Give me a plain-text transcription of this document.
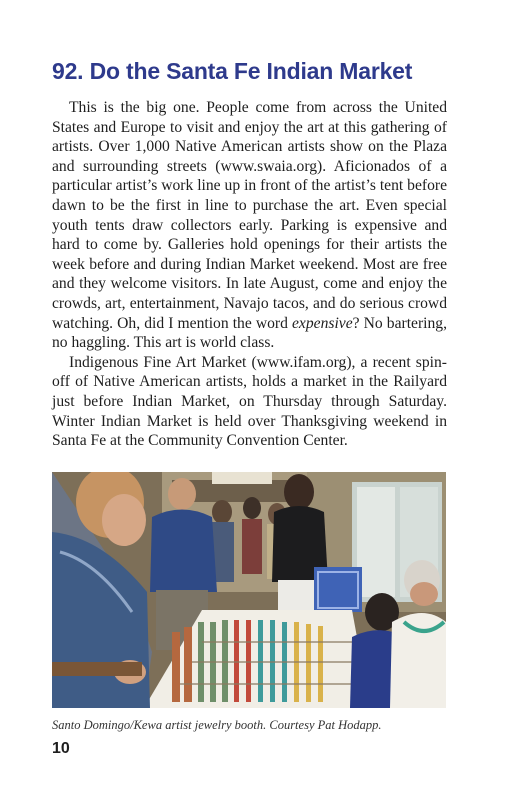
92. Do the Santa Fe Indian Market

This is the big one. People come from across the United States and Europe to visit and enjoy the art at this gathering of artists. Over 1,000 Native American artists show on the Plaza and surrounding streets (www.swaia.org). Aficionados of a particular artist’s work line up in front of the artist’s tent before dawn to be the first in line to purchase the art. Even special youth tents draw collectors early. Parking is expensive and hard to come by. Galleries hold openings for their artists the week before and during Indian Market weekend. Most are free and they welcome visitors. In late August, come and enjoy the crowds, art, entertainment, Navajo tacos, and do serious crowd watching. Oh, did I mention the word expensive? No bartering, no haggling. This art is world class.

Indigenous Fine Art Market (www.ifam.org), a recent spin-off of Native American artists, holds a market in the Railyard just before Indian Market, on Thursday through Saturday. Winter Indian Market is held over Thanksgiving weekend in Santa Fe at the Community Convention Center.

Santo Domingo/Kewa artist jewelry booth. Courtesy Pat Hodapp.

10
